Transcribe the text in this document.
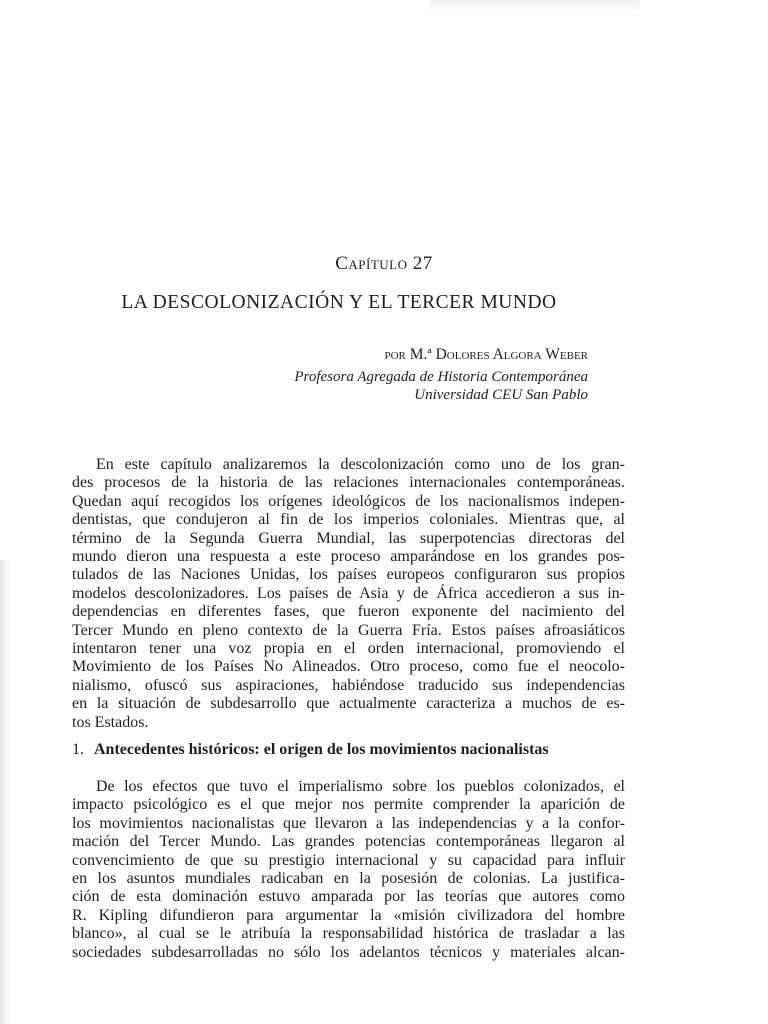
Capítulo 27
LA DESCOLONIZACIÓN Y EL TERCER MUNDO
por M.ª Dolores Algora Weber
Profesora Agregada de Historia Contemporánea
Universidad CEU San Pablo
En este capítulo analizaremos la descolonización como uno de los gran-
des procesos de la historia de las relaciones internacionales contemporáneas.
Quedan aquí recogidos los orígenes ideológicos de los nacionalismos indepen-
dentistas, que condujeron al fin de los imperios coloniales. Mientras que, al
término de la Segunda Guerra Mundial, las superpotencias directoras del
mundo dieron una respuesta a este proceso amparándose en los grandes pos-
tulados de las Naciones Unidas, los países europeos configuraron sus propios
modelos descolonizadores. Los países de Asia y de África accedieron a sus in-
dependencias en diferentes fases, que fueron exponente del nacimiento del
Tercer Mundo en pleno contexto de la Guerra Fría. Estos países afroasiáticos
intentaron tener una voz propia en el orden internacional, promoviendo el
Movimiento de los Países No Alineados. Otro proceso, como fue el neocolo-
nialismo, ofuscó sus aspiraciones, habiéndose traducido sus independencias
en la situación de subdesarrollo que actualmente caracteriza a muchos de es-
tos Estados.
1. Antecedentes históricos: el origen de los movimientos nacionalistas
De los efectos que tuvo el imperialismo sobre los pueblos colonizados, el
impacto psicológico es el que mejor nos permite comprender la aparición de
los movimientos nacionalistas que llevaron a las independencias y a la confor-
mación del Tercer Mundo. Las grandes potencias contemporáneas llegaron al
convencimiento de que su prestigio internacional y su capacidad para influir
en los asuntos mundiales radicaban en la posesión de colonias. La justifica-
ción de esta dominación estuvo amparada por las teorías que autores como
R. Kipling difundieron para argumentar la «misión civilizadora del hombre
blanco», al cual se le atribuía la responsabilidad histórica de trasladar a las
sociedades subdesarrolladas no sólo los adelantos técnicos y materiales alcan-
